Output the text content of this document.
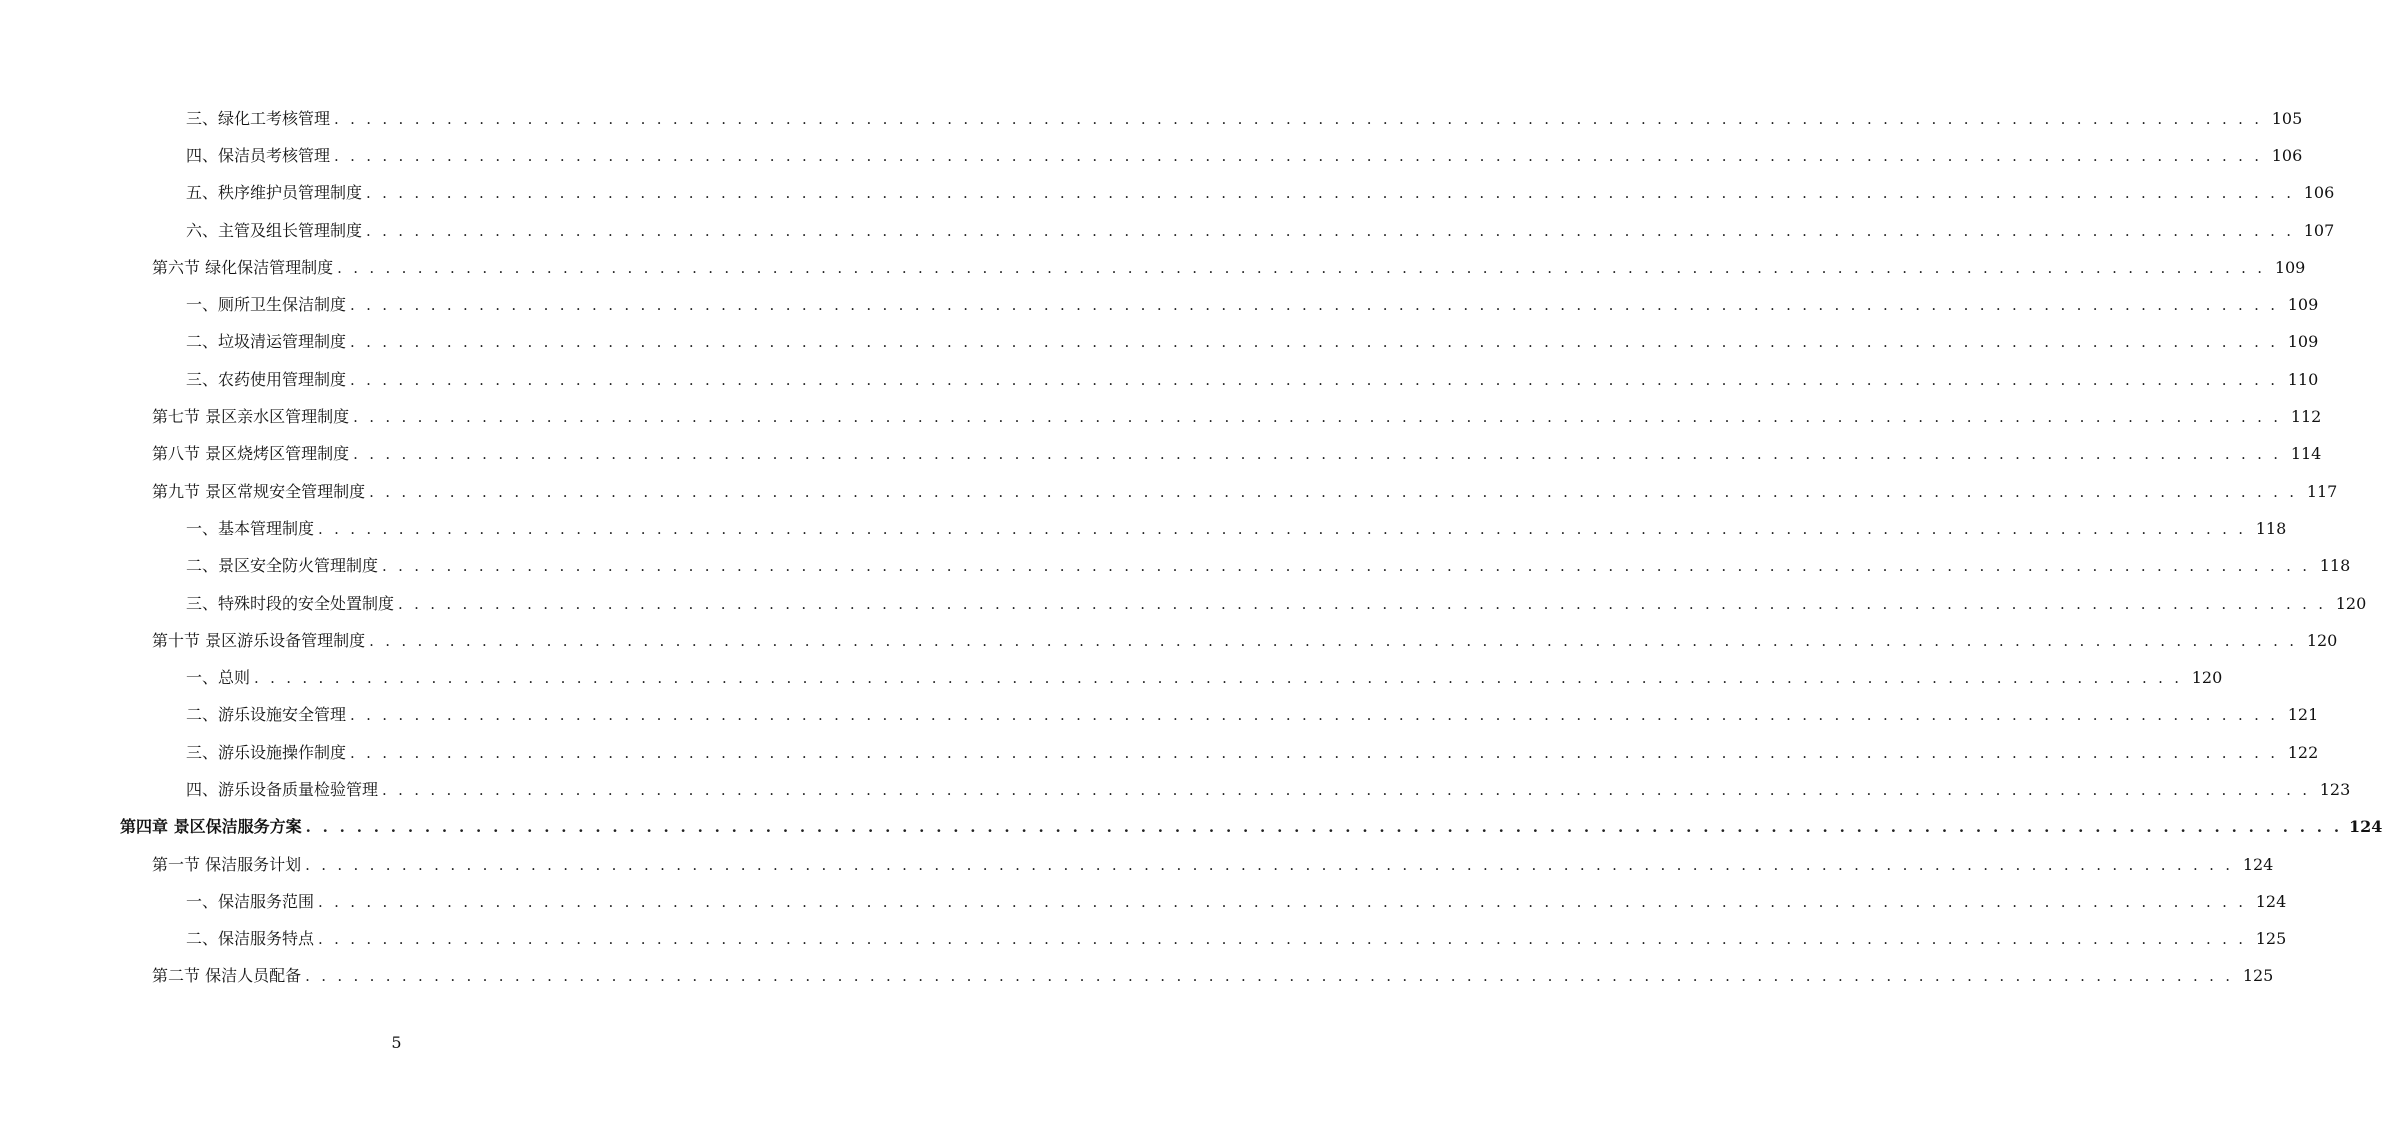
三、绿化工考核管理 . . . . . . . . . . . . . . . . . . . . . . . . . . . . . . . . . . . . . . . . . . . . . . . . . . . . . . . . . . . . . . . . . . . . . . . . . . . . . . . . . . . . . . . . . . . . . . . . . . . . . . . . . . . . . . . . . . . . . . . . 105
四、保洁员考核管理 . . . . . . . . . . . . . . . . . . . . . . . . . . . . . . . . . . . . . . . . . . . . . . . . . . . . . . . . . . . . . . . . . . . . . . . . . . . . . . . . . . . . . . . . . . . . . . . . . . . . . . . . . . . . . . . . . . . . . . . . 106
五、秩序维护员管理制度 . . . . . . . . . . . . . . . . . . . . . . . . . . . . . . . . . . . . . . . . . . . . . . . . . . . . . . . . . . . . . . . . . . . . . . . . . . . . . . . . . . . . . . . . . . . . . . . . . . . . . . . . . . . . . . . . . . . . . . . . 106
六、主管及组长管理制度 . . . . . . . . . . . . . . . . . . . . . . . . . . . . . . . . . . . . . . . . . . . . . . . . . . . . . . . . . . . . . . . . . . . . . . . . . . . . . . . . . . . . . . . . . . . . . . . . . . . . . . . . . . . . . . . . . . . . . . . . 107
第六节 绿化保洁管理制度 . . . . . . . . . . . . . . . . . . . . . . . . . . . . . . . . . . . . . . . . . . . . . . . . . . . . . . . . . . . . . . . . . . . . . . . . . . . . . . . . . . . . . . . . . . . . . . . . . . . . . . . . . . . . . . . . . . . . . . . . 109
一、厕所卫生保洁制度 . . . . . . . . . . . . . . . . . . . . . . . . . . . . . . . . . . . . . . . . . . . . . . . . . . . . . . . . . . . . . . . . . . . . . . . . . . . . . . . . . . . . . . . . . . . . . . . . . . . . . . . . . . . . . . . . . . . . . . . . 109
二、垃圾清运管理制度 . . . . . . . . . . . . . . . . . . . . . . . . . . . . . . . . . . . . . . . . . . . . . . . . . . . . . . . . . . . . . . . . . . . . . . . . . . . . . . . . . . . . . . . . . . . . . . . . . . . . . . . . . . . . . . . . . . . . . . . . 109
三、农药使用管理制度 . . . . . . . . . . . . . . . . . . . . . . . . . . . . . . . . . . . . . . . . . . . . . . . . . . . . . . . . . . . . . . . . . . . . . . . . . . . . . . . . . . . . . . . . . . . . . . . . . . . . . . . . . . . . . . . . . . . . . . . . 110
第七节 景区亲水区管理制度 . . . . . . . . . . . . . . . . . . . . . . . . . . . . . . . . . . . . . . . . . . . . . . . . . . . . . . . . . . . . . . . . . . . . . . . . . . . . . . . . . . . . . . . . . . . . . . . . . . . . . . . . . . . . . . . . . . . . . . . . 112
第八节 景区烧烤区管理制度 . . . . . . . . . . . . . . . . . . . . . . . . . . . . . . . . . . . . . . . . . . . . . . . . . . . . . . . . . . . . . . . . . . . . . . . . . . . . . . . . . . . . . . . . . . . . . . . . . . . . . . . . . . . . . . . . . . . . . . . . 114
第九节 景区常规安全管理制度 . . . . . . . . . . . . . . . . . . . . . . . . . . . . . . . . . . . . . . . . . . . . . . . . . . . . . . . . . . . . . . . . . . . . . . . . . . . . . . . . . . . . . . . . . . . . . . . . . . . . . . . . . . . . . . . . . . . . . . . . 117
一、基本管理制度 . . . . . . . . . . . . . . . . . . . . . . . . . . . . . . . . . . . . . . . . . . . . . . . . . . . . . . . . . . . . . . . . . . . . . . . . . . . . . . . . . . . . . . . . . . . . . . . . . . . . . . . . . . . . . . . . . . . . . . . . 118
二、景区安全防火管理制度 . . . . . . . . . . . . . . . . . . . . . . . . . . . . . . . . . . . . . . . . . . . . . . . . . . . . . . . . . . . . . . . . . . . . . . . . . . . . . . . . . . . . . . . . . . . . . . . . . . . . . . . . . . . . . . . . . . . . . . . . 118
三、特殊时段的安全处置制度 . . . . . . . . . . . . . . . . . . . . . . . . . . . . . . . . . . . . . . . . . . . . . . . . . . . . . . . . . . . . . . . . . . . . . . . . . . . . . . . . . . . . . . . . . . . . . . . . . . . . . . . . . . . . . . . . . . . . . . . . 120
第十节 景区游乐设备管理制度 . . . . . . . . . . . . . . . . . . . . . . . . . . . . . . . . . . . . . . . . . . . . . . . . . . . . . . . . . . . . . . . . . . . . . . . . . . . . . . . . . . . . . . . . . . . . . . . . . . . . . . . . . . . . . . . . . . . . . . . . 120
一、总则 . . . . . . . . . . . . . . . . . . . . . . . . . . . . . . . . . . . . . . . . . . . . . . . . . . . . . . . . . . . . . . . . . . . . . . . . . . . . . . . . . . . . . . . . . . . . . . . . . . . . . . . . . . . . . . . . . . . . . . . . 120
二、游乐设施安全管理 . . . . . . . . . . . . . . . . . . . . . . . . . . . . . . . . . . . . . . . . . . . . . . . . . . . . . . . . . . . . . . . . . . . . . . . . . . . . . . . . . . . . . . . . . . . . . . . . . . . . . . . . . . . . . . . . . . . . . . . . 121
三、游乐设施操作制度 . . . . . . . . . . . . . . . . . . . . . . . . . . . . . . . . . . . . . . . . . . . . . . . . . . . . . . . . . . . . . . . . . . . . . . . . . . . . . . . . . . . . . . . . . . . . . . . . . . . . . . . . . . . . . . . . . . . . . . . . 122
四、游乐设备质量检验管理 . . . . . . . . . . . . . . . . . . . . . . . . . . . . . . . . . . . . . . . . . . . . . . . . . . . . . . . . . . . . . . . . . . . . . . . . . . . . . . . . . . . . . . . . . . . . . . . . . . . . . . . . . . . . . . . . . . . . . . . . 123
第四章 景区保洁服务方案 . . . . . . . . . . . . . . . . . . . . . . . . . . . . . . . . . . . . . . . . . . . . . . . . . . . . . . . . . . . . . . . . . . . . . . . . . . . . . . . . . . . . . . . . . . . . . . . . . . . . . . . . . . . . . . . . . . . . . . . . 124
第一节 保洁服务计划 . . . . . . . . . . . . . . . . . . . . . . . . . . . . . . . . . . . . . . . . . . . . . . . . . . . . . . . . . . . . . . . . . . . . . . . . . . . . . . . . . . . . . . . . . . . . . . . . . . . . . . . . . . . . . . . . . . . . . . . . 124
一、保洁服务范围 . . . . . . . . . . . . . . . . . . . . . . . . . . . . . . . . . . . . . . . . . . . . . . . . . . . . . . . . . . . . . . . . . . . . . . . . . . . . . . . . . . . . . . . . . . . . . . . . . . . . . . . . . . . . . . . . . . . . . . . . 124
二、保洁服务特点 . . . . . . . . . . . . . . . . . . . . . . . . . . . . . . . . . . . . . . . . . . . . . . . . . . . . . . . . . . . . . . . . . . . . . . . . . . . . . . . . . . . . . . . . . . . . . . . . . . . . . . . . . . . . . . . . . . . . . . . . 125
第二节 保洁人员配备 . . . . . . . . . . . . . . . . . . . . . . . . . . . . . . . . . . . . . . . . . . . . . . . . . . . . . . . . . . . . . . . . . . . . . . . . . . . . . . . . . . . . . . . . . . . . . . . . . . . . . . . . . . . . . . . . . . . . . . . . 125
5
